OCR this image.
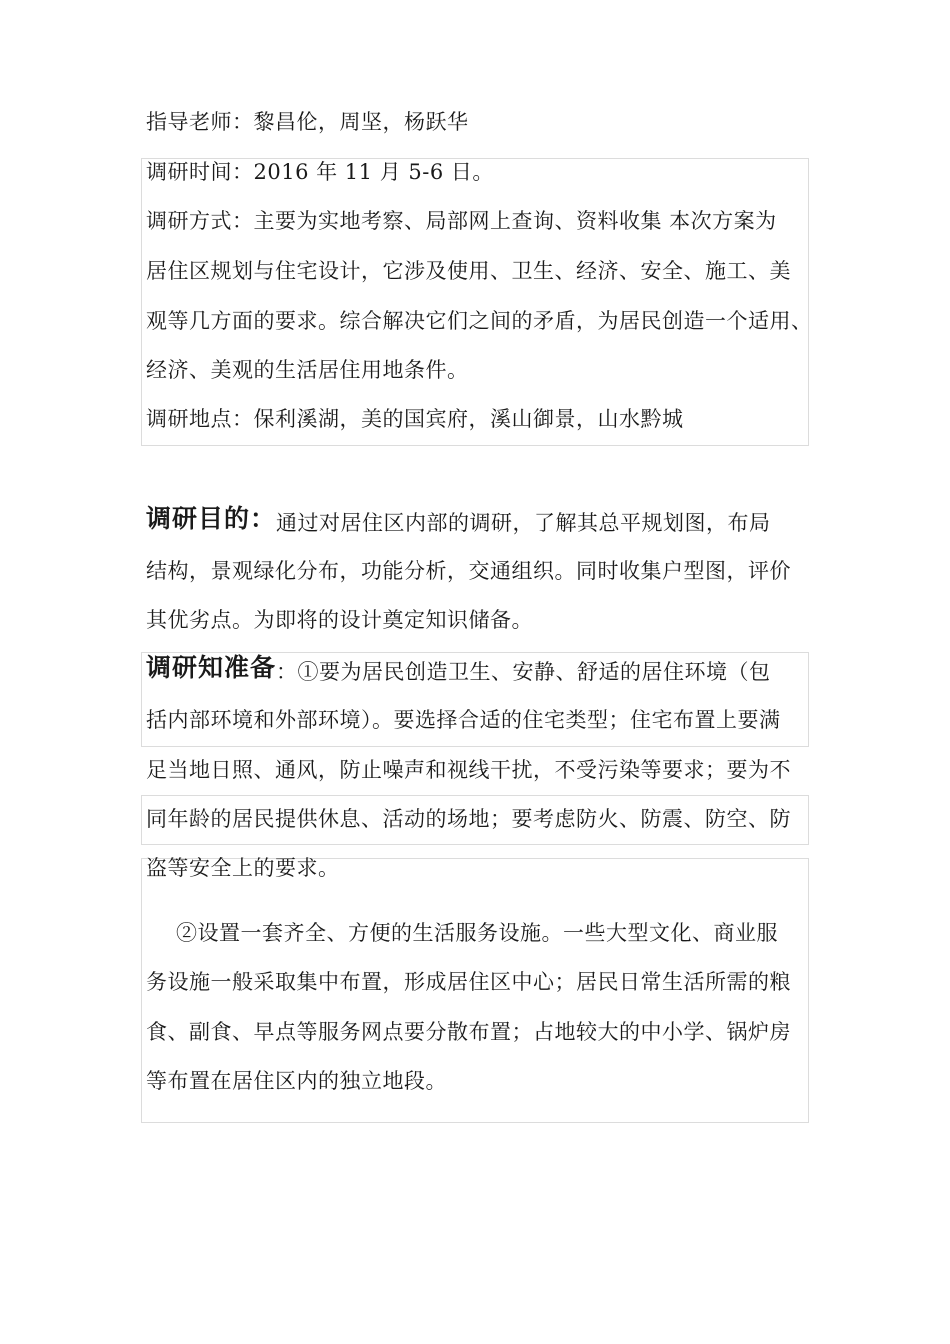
指导老师：黎昌伦，周坚，杨跃华
调研时间：2016 年 11 月 5-6 日。
调研方式：主要为实地考察、局部网上查询、资料收集 本次方案为
居住区规划与住宅设计，它涉及使用、卫生、经济、安全、施工、美
观等几方面的要求。综合解决它们之间的矛盾，为居民创造一个适用、
经济、美观的生活居住用地条件。
调研地点：保利溪湖，美的国宾府，溪山御景，山水黔城
调研目的：通过对居住区内部的调研，了解其总平规划图，布局
结构，景观绿化分布，功能分析，交通组织。同时收集户型图，评价
其优劣点。为即将的设计奠定知识储备。
调研知准备：①要为居民创造卫生、安静、舒适的居住环境（包
括内部环境和外部环境）。要选择合适的住宅类型；住宅布置上要满
足当地日照、通风，防止噪声和视线干扰，不受污染等要求；要为不
同年龄的居民提供休息、活动的场地；要考虑防火、防震、防空、防
盗等安全上的要求。
②设置一套齐全、方便的生活服务设施。一些大型文化、商业服
务设施一般采取集中布置，形成居住区中心；居民日常生活所需的粮
食、副食、早点等服务网点要分散布置；占地较大的中小学、锅炉房
等布置在居住区内的独立地段。
